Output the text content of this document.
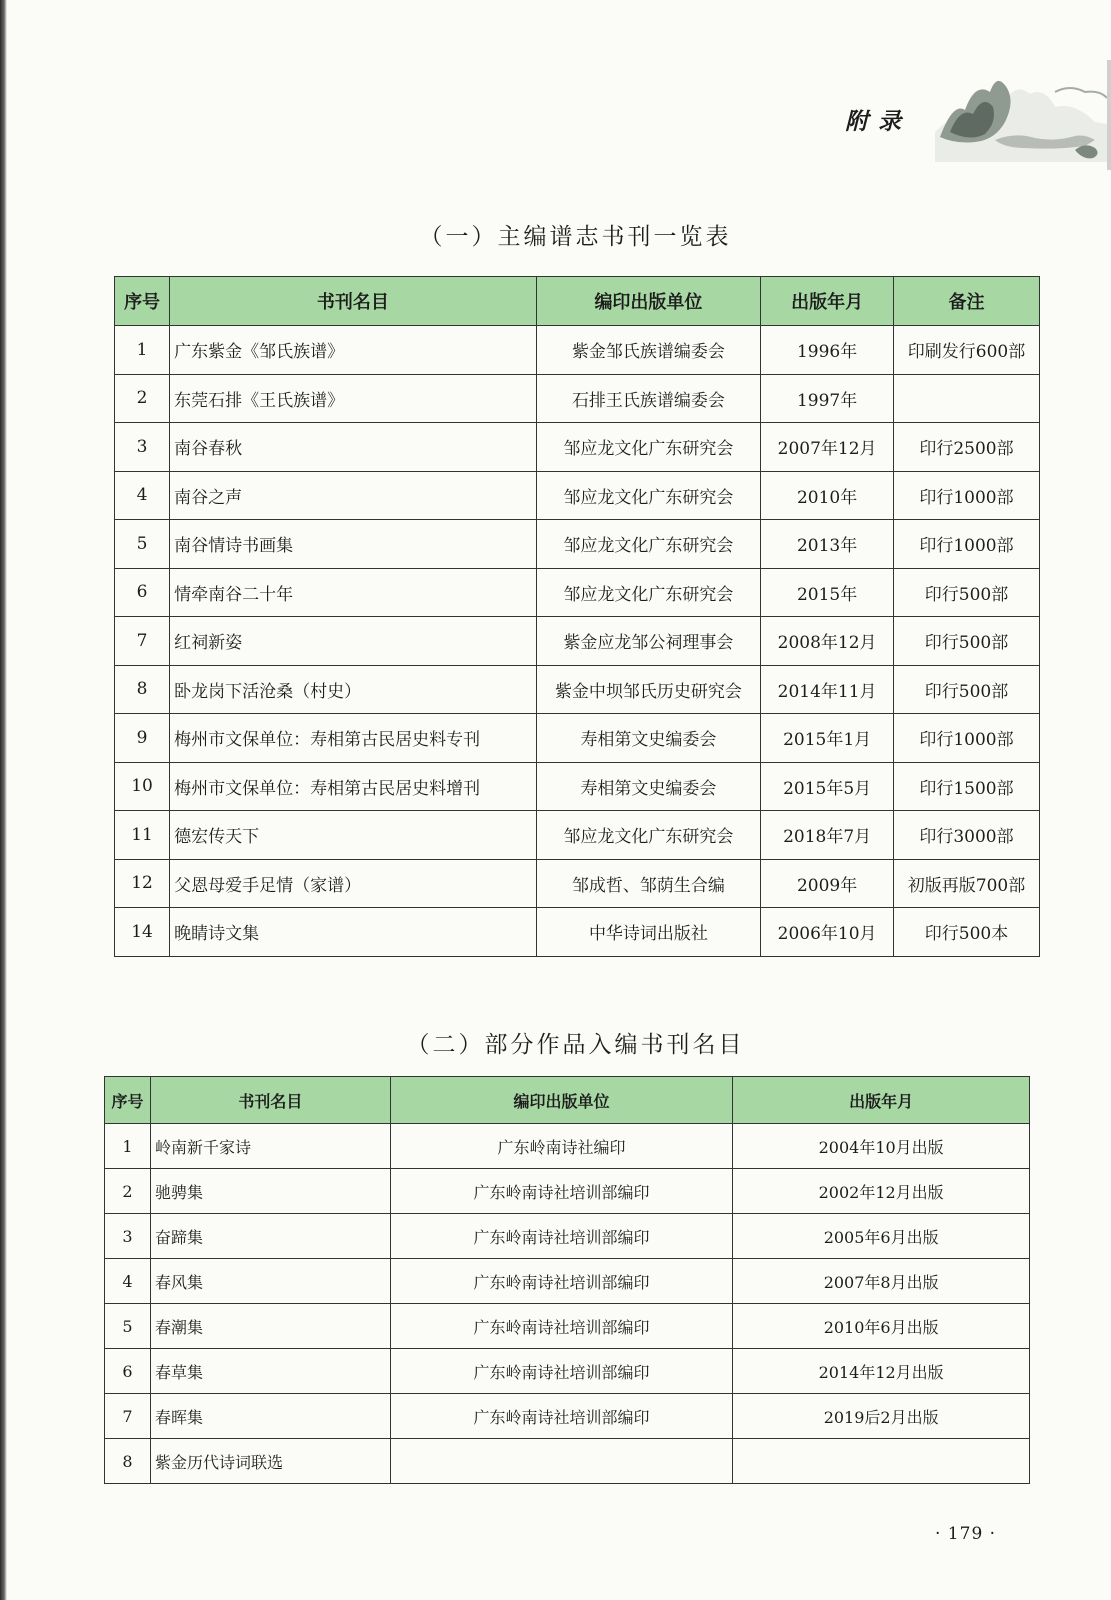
附录
（一）主编谱志书刊一览表
序号	书刊名目	编印出版单位	出版年月	备注
1	广东紫金《邹氏族谱》	紫金邹氏族谱编委会	1996年	印刷发行600部
2	东莞石排《王氏族谱》	石排王氏族谱编委会	1997年	
3	南谷春秋	邹应龙文化广东研究会	2007年12月	印行2500部
4	南谷之声	邹应龙文化广东研究会	2010年	印行1000部
5	南谷情诗书画集	邹应龙文化广东研究会	2013年	印行1000部
6	情牵南谷二十年	邹应龙文化广东研究会	2015年	印行500部
7	红祠新姿	紫金应龙邹公祠理事会	2008年12月	印行500部
8	卧龙岗下活沧桑（村史）	紫金中坝邹氏历史研究会	2014年11月	印行500部
9	梅州市文保单位：寿相第古民居史料专刊	寿相第文史编委会	2015年1月	印行1000部
10	梅州市文保单位：寿相第古民居史料增刊	寿相第文史编委会	2015年5月	印行1500部
11	德宏传天下	邹应龙文化广东研究会	2018年7月	印行3000部
12	父恩母爱手足情（家谱）	邹成哲、邹荫生合编	2009年	初版再版700部
14	晚睛诗文集	中华诗词出版社	2006年10月	印行500本
（二）部分作品入编书刊名目
序号	书刊名目	编印出版单位	出版年月
1	岭南新千家诗	广东岭南诗社编印	2004年10月出版
2	驰骋集	广东岭南诗社培训部编印	2002年12月出版
3	奋蹄集	广东岭南诗社培训部编印	2005年6月出版
4	春风集	广东岭南诗社培训部编印	2007年8月出版
5	春潮集	广东岭南诗社培训部编印	2010年6月出版
6	春草集	广东岭南诗社培训部编印	2014年12月出版
7	春晖集	广东岭南诗社培训部编印	2019后2月出版
8	紫金历代诗词联选		
· 179 ·
